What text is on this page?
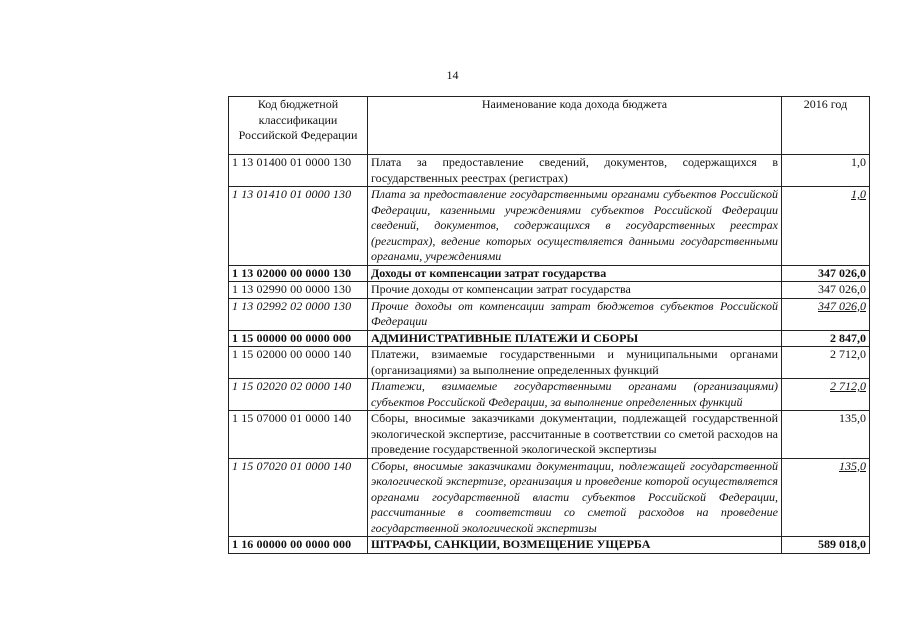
14
Код бюджетной классификации Российской Федерации	Наименование кода дохода бюджета	2016 год
1 13 01400 01 0000 130	Плата за предоставление сведений, документов, содержащихся в государственных реестрах (регистрах)	1,0
1 13 01410 01 0000 130	Плата за предоставление государственными органами субъектов Российской Федерации, казенными учреждениями субъектов Российской Федерации сведений, документов, содержащихся в государственных реестрах (регистрах), ведение которых осуществляется данными государственными органами, учреждениями	1,0
1 13 02000 00 0000 130	Доходы от компенсации затрат государства	347 026,0
1 13 02990 00 0000 130	Прочие доходы от компенсации затрат государства	347 026,0
1 13 02992 02 0000 130	Прочие доходы от компенсации затрат бюджетов субъектов Российской Федерации	347 026,0
1 15 00000 00 0000 000	АДМИНИСТРАТИВНЫЕ ПЛАТЕЖИ И СБОРЫ	2 847,0
1 15 02000 00 0000 140	Платежи, взимаемые государственными и муниципальными органами (организациями) за выполнение определенных функций	2 712,0
1 15 02020 02 0000 140	Платежи, взимаемые государственными органами (организациями) субъектов Российской Федерации, за выполнение определенных функций	2 712,0
1 15 07000 01 0000 140	Сборы, вносимые заказчиками документации, подлежащей государственной экологической экспертизе, рассчитанные в соответствии со сметой расходов на проведение государственной экологической экспертизы	135,0
1 15 07020 01 0000 140	Сборы, вносимые заказчиками документации, подлежащей государственной экологической экспертизе, организация и проведение которой осуществляется органами государственной власти субъектов Российской Федерации, рассчитанные в соответствии со сметой расходов на проведение государственной экологической экспертизы	135,0
1 16 00000 00 0000 000	ШТРАФЫ, САНКЦИИ, ВОЗМЕЩЕНИЕ УЩЕРБА	589 018,0
